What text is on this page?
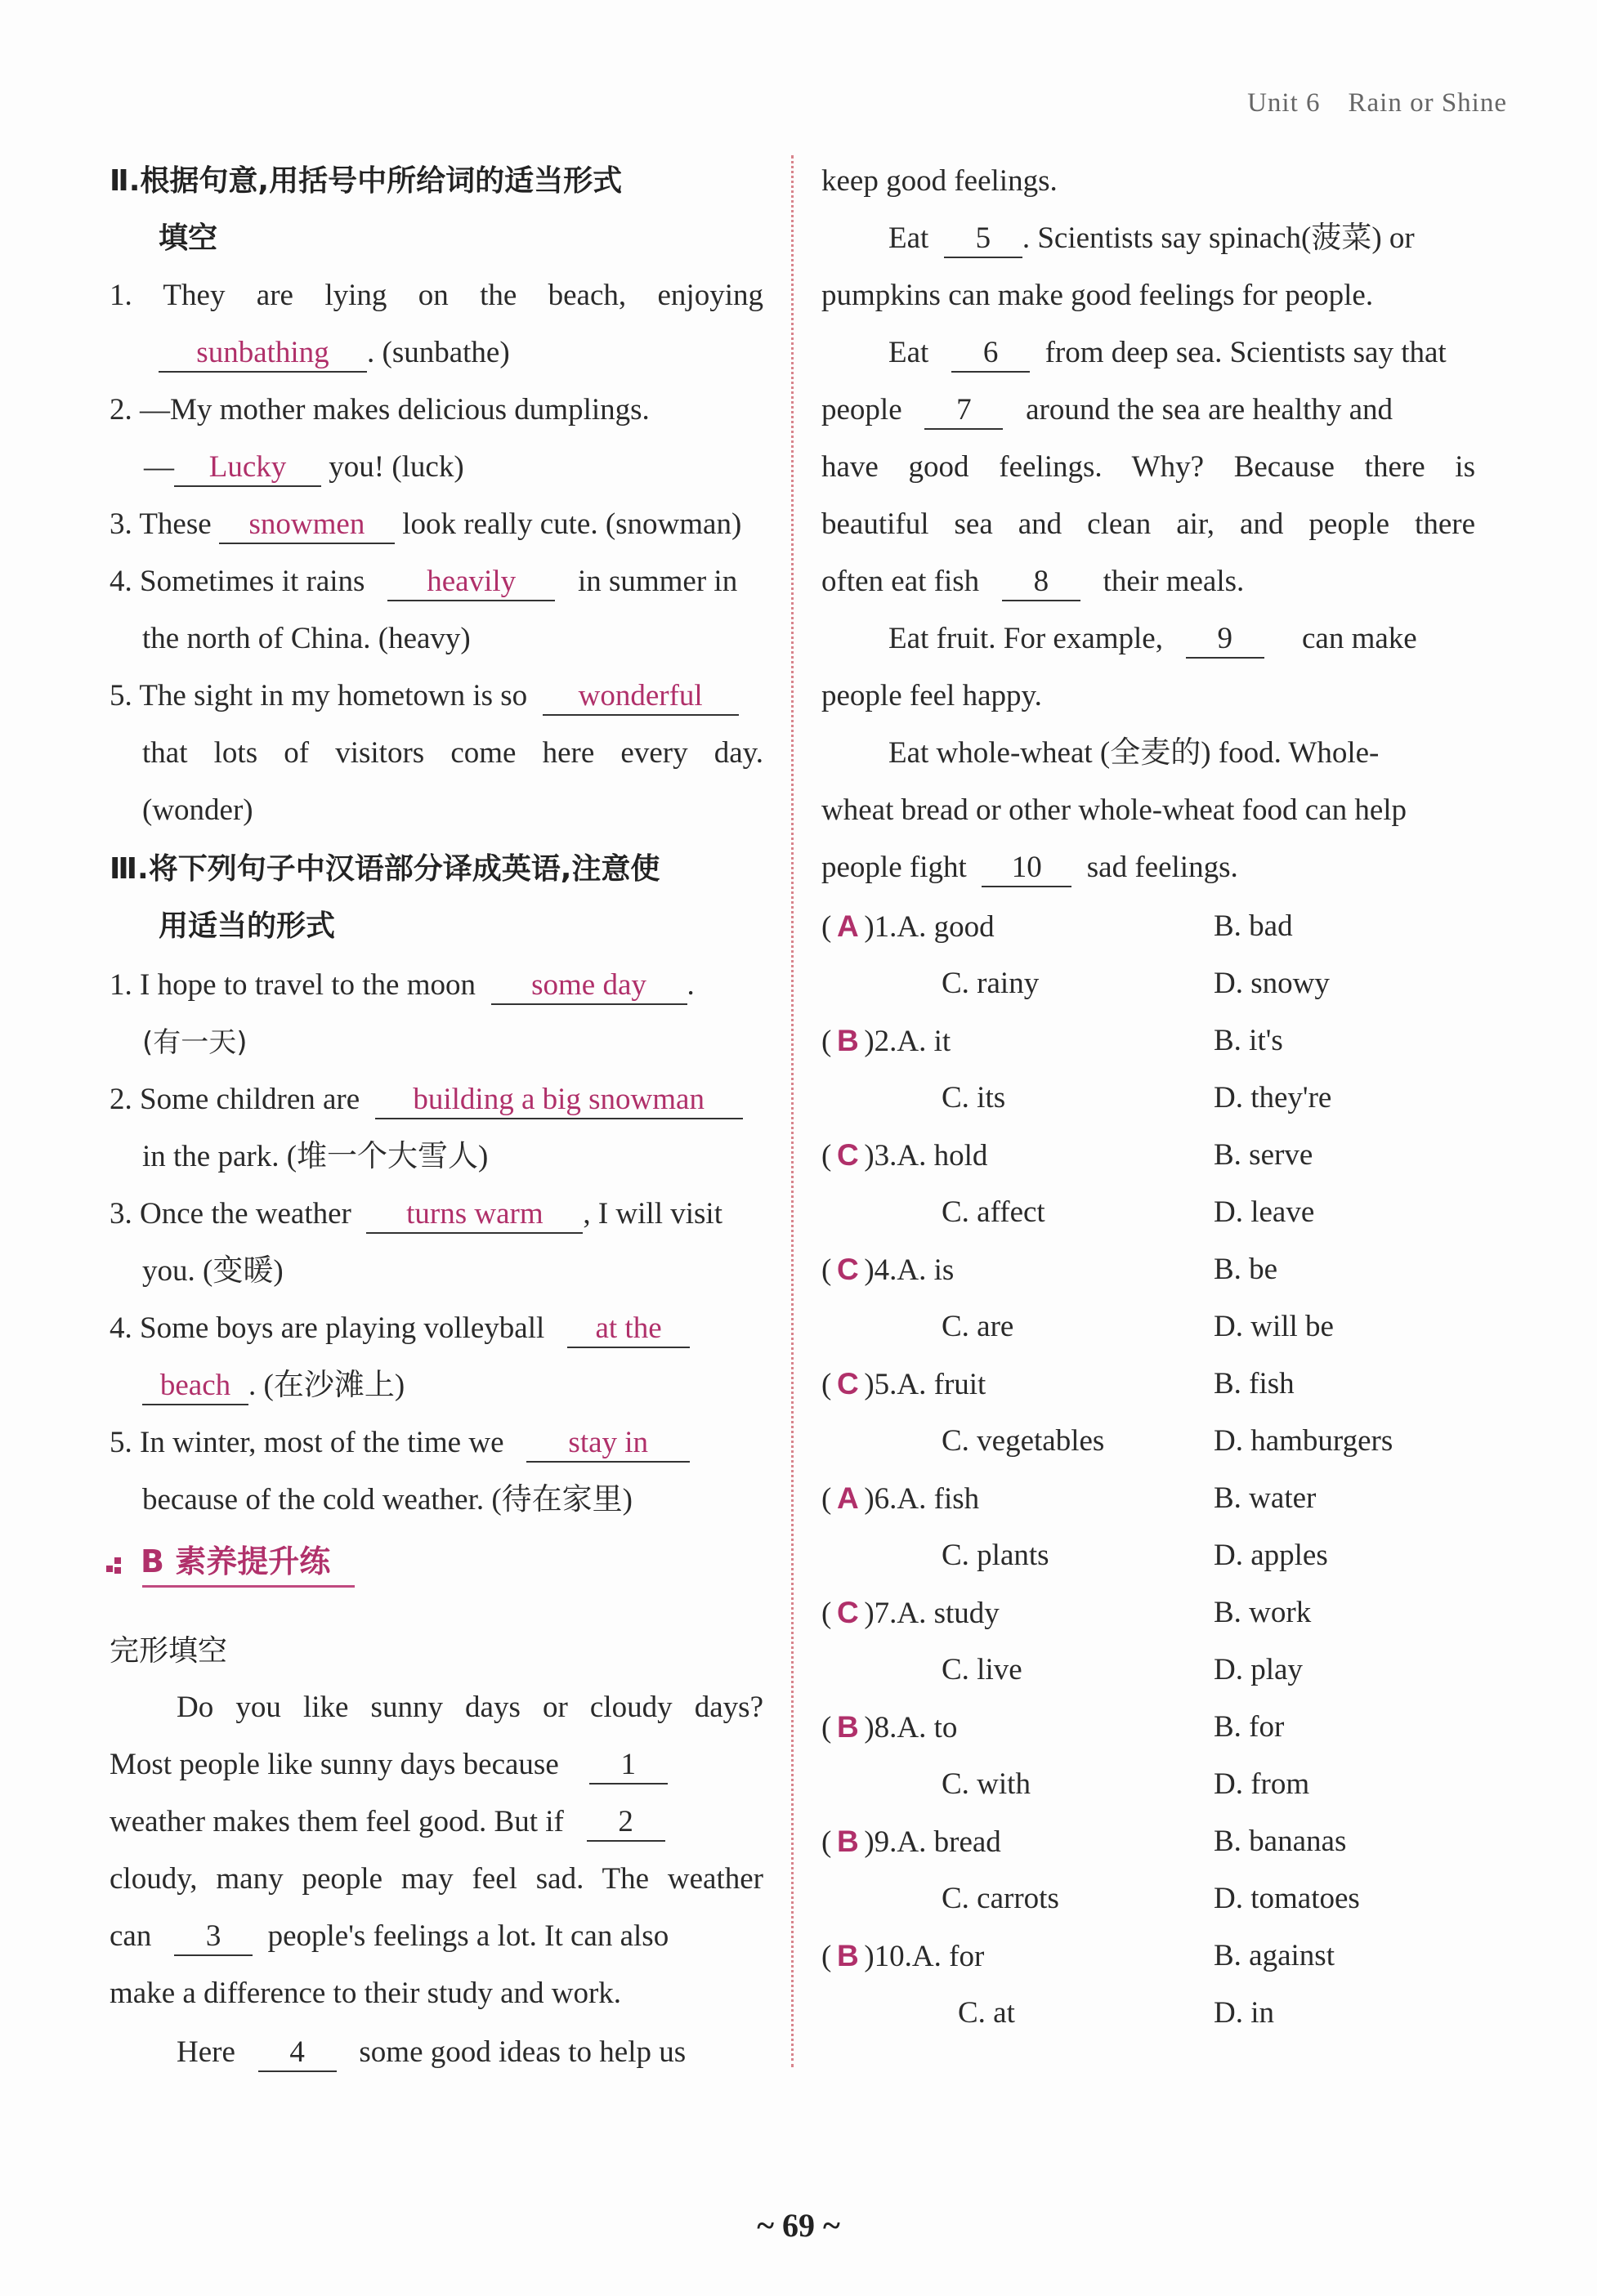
Unit 6 Rain or Shine
Ⅱ.根据句意,用括号中所给词的适当形式
填空
1. They are lying on the beach, enjoying
sunbathing . (sunbathe)
2. —My mother makes delicious dumplings.
— Lucky you! (luck)
3. These snowmen look really cute. (snowman)
4. Sometimes it rains heavily in summer in
the north of China. (heavy)
5. The sight in my hometown is so wonderful
that lots of visitors come here every day.
(wonder)
Ⅲ.将下列句子中汉语部分译成英语,注意使
用适当的形式
1. I hope to travel to the moon some day .
(有一天)
2. Some children are building a big snowman
in the park. (堆一个大雪人)
3. Once the weather turns warm , I will visit
you. (变暖)
4. Some boys are playing volleyball at the
beach . (在沙滩上)
5. In winter, most of the time we stay in
because of the cold weather. (待在家里)
B 素养提升练
完形填空
Do you like sunny days or cloudy days?
Most people like sunny days because 1
weather makes them feel good. But if 2
cloudy, many people may feel sad. The weather
can 3 people's feelings a lot. It can also
make a difference to their study and work.
Here 4 some good ideas to help us
keep good feelings.
Eat 5 . Scientists say spinach(菠菜) or
pumpkins can make good feelings for people.
Eat 6 from deep sea. Scientists say that
people 7 around the sea are healthy and
have good feelings. Why? Because there is
beautiful sea and clean air, and people there
often eat fish 8 their meals.
Eat fruit. For example, 9 can make
people feel happy.
Eat whole-wheat (全麦的) food. Whole-
wheat bread or other whole-wheat food can help
people fight 10 sad feelings.
( A )1.A. good	B. bad
C. rainy	D. snowy
( B )2.A. it	B. it's
C. its	D. they're
( C )3.A. hold	B. serve
C. affect	D. leave
( C )4.A. is	B. be
C. are	D. will be
( C )5.A. fruit	B. fish
C. vegetables	D. hamburgers
( A )6.A. fish	B. water
C. plants	D. apples
( C )7.A. study	B. work
C. live	D. play
( B )8.A. to	B. for
C. with	D. from
( B )9.A. bread	B. bananas
C. carrots	D. tomatoes
( B )10.A. for	B. against
C. at	D. in
~ 69 ~
